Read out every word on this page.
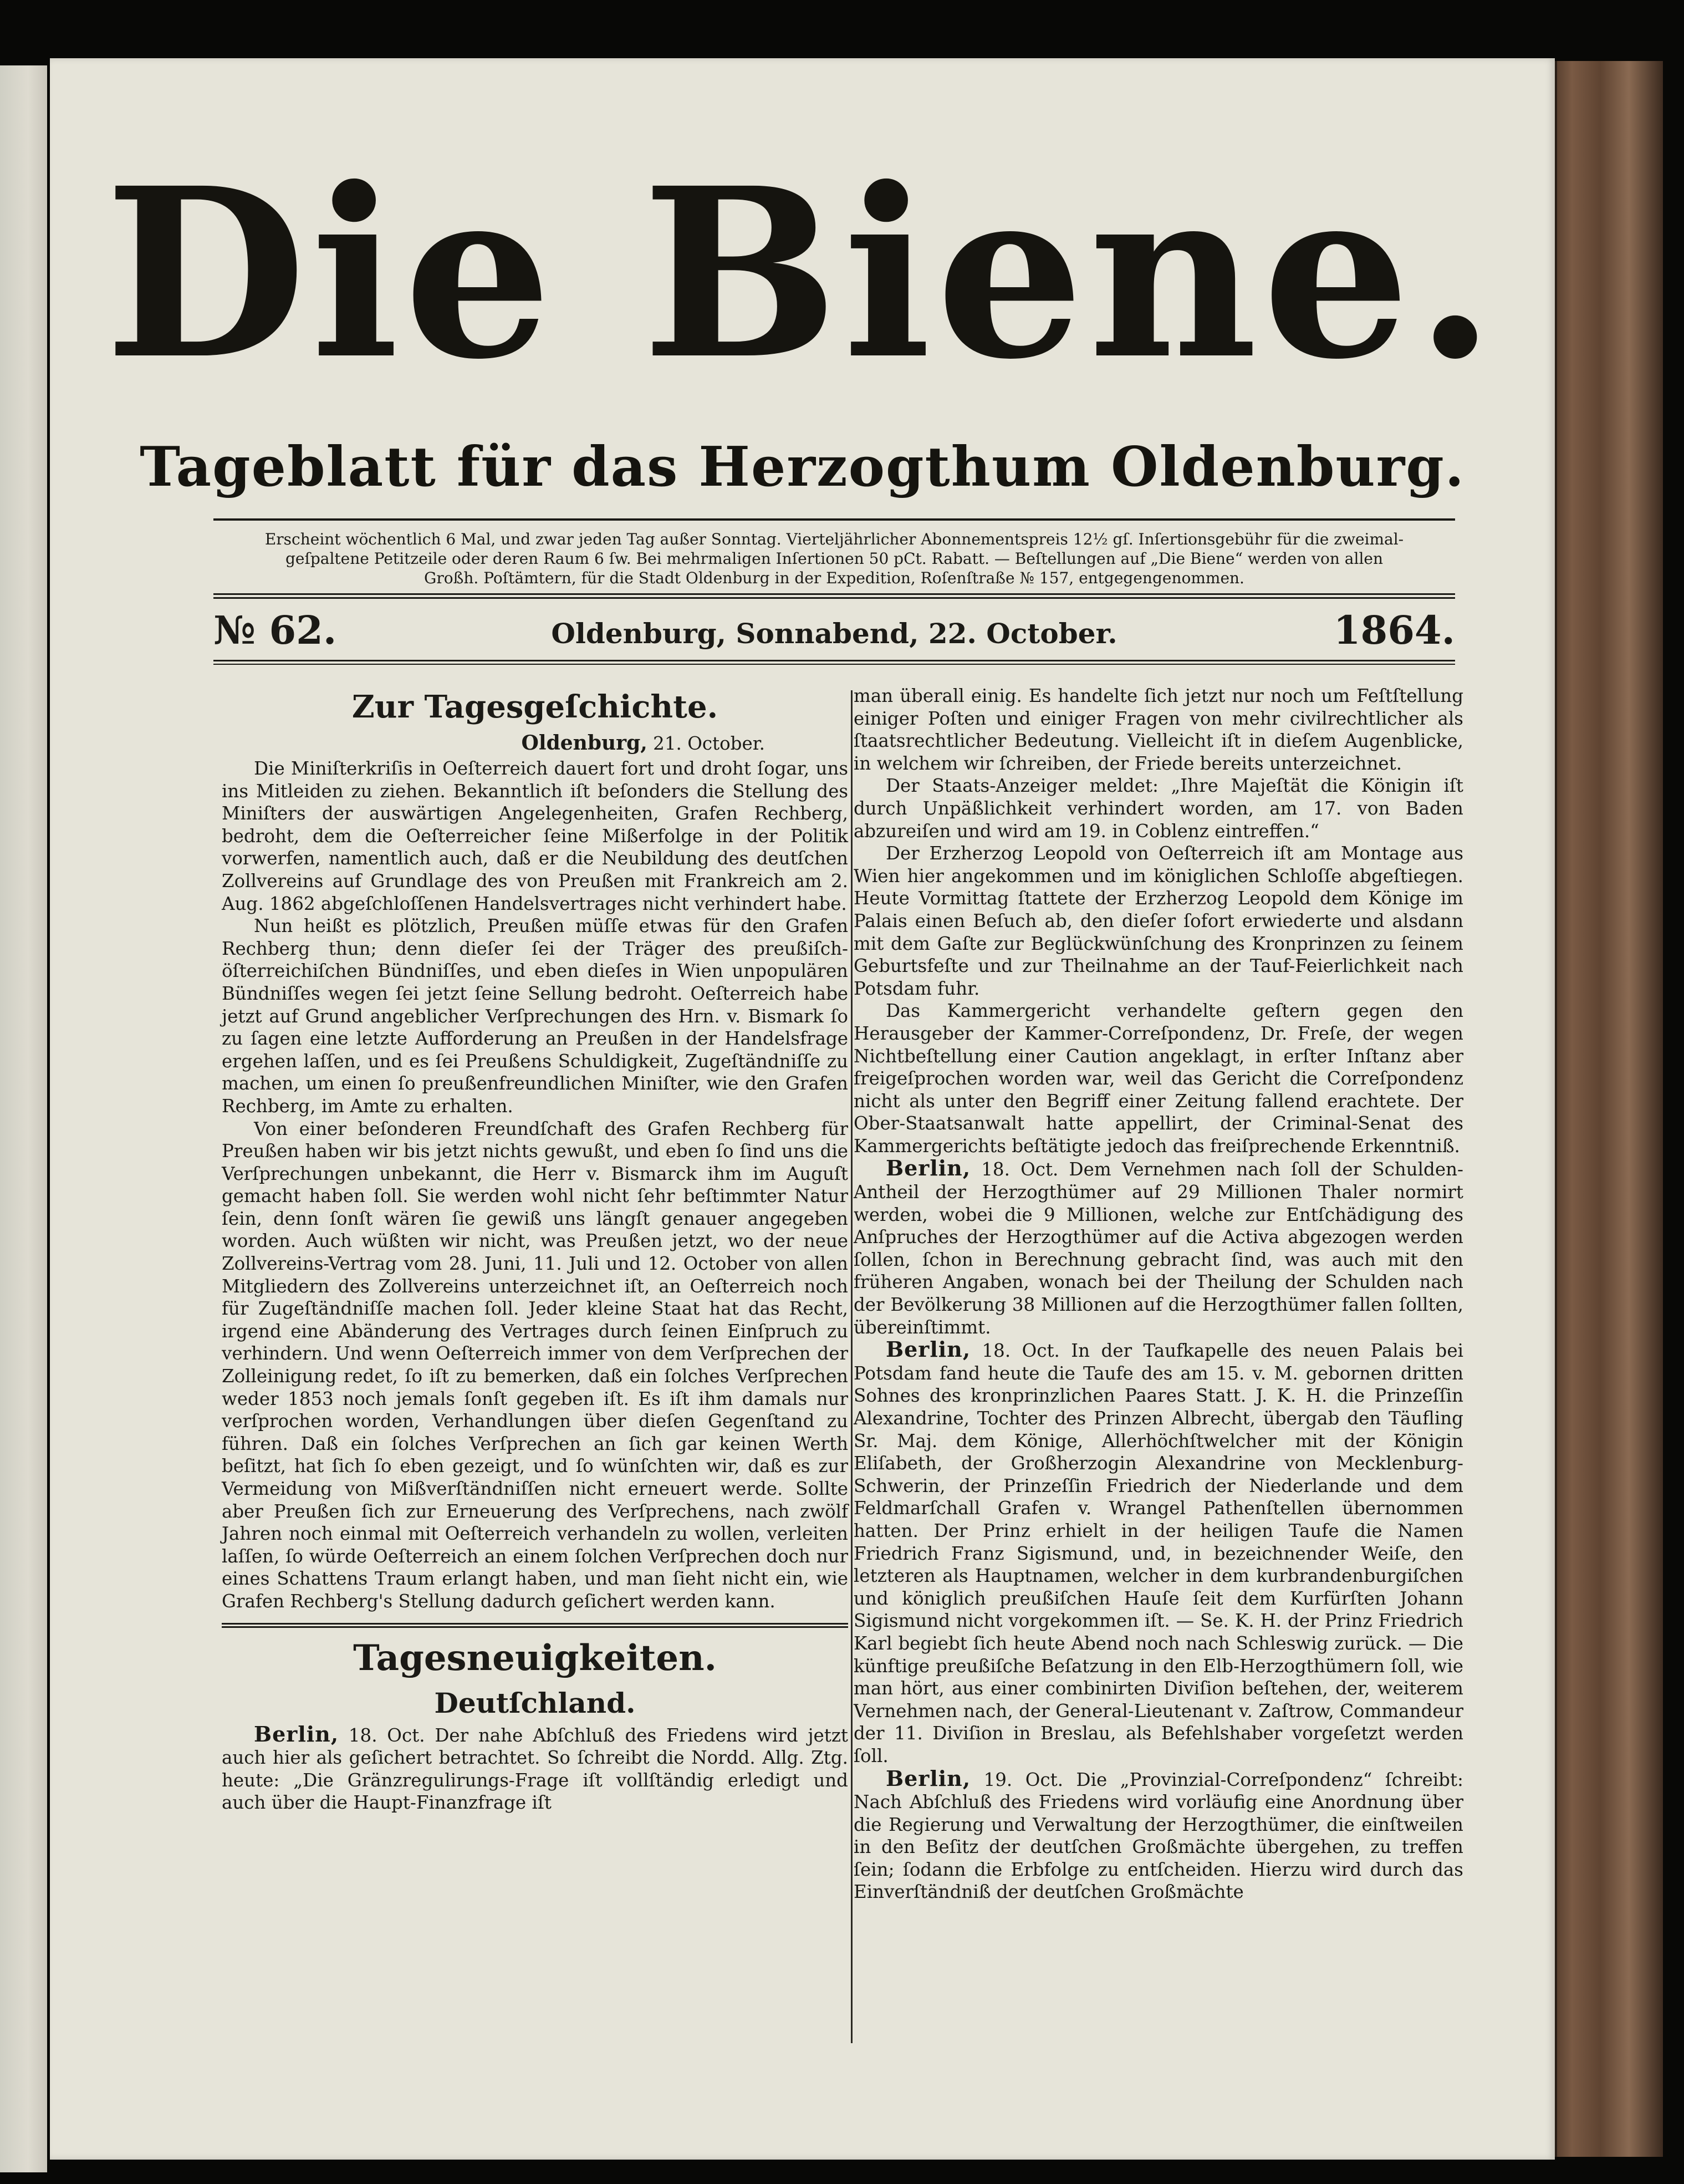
Die Biene.
Tageblatt für das Herzogthum Oldenburg.
Erscheint wöchentlich 6 Mal, und zwar jeden Tag außer Sonntag. Vierteljährlicher Abonnementspreis 12½ gſ. Inſertionsgebühr für die zweimal-
geſpaltene Petitzeile oder deren Raum 6 ſw. Bei mehrmaligen Inſertionen 50 pCt. Rabatt. — Beſtellungen auf „Die Biene“ werden von allen
Großh. Poſtämtern, für die Stadt Oldenburg in der Expedition, Roſenſtraße № 157, entgegengenommen.
№ 62.	Oldenburg, Sonnabend, 22. October.	1864.
Zur Tagesgeſchichte.
Oldenburg, 21. October.

Die Miniſterkriſis in Oeſterreich dauert fort und droht ſogar, uns ins Mitleiden zu ziehen. Bekanntlich iſt beſonders die Stellung des Miniſters der auswärtigen Angelegenheiten, Grafen Rechberg, bedroht, dem die Oeſterreicher ſeine Mißerfolge in der Politik vorwerfen, namentlich auch, daß er die Neubildung des deutſchen Zollvereins auf Grundlage des von Preußen mit Frankreich am 2. Aug. 1862 abgeſchloſſenen Handelsvertrages nicht verhindert habe.

Nun heißt es plötzlich, Preußen müſſe etwas für den Grafen Rechberg thun; denn dieſer ſei der Träger des preußiſch-öſterreichiſchen Bündniſſes, und eben dieſes in Wien unpopulären Bündniſſes wegen ſei jetzt ſeine Sellung bedroht. Oeſterreich habe jetzt auf Grund angeblicher Verſprechungen des Hrn. v. Bismark ſo zu ſagen eine letzte Aufforderung an Preußen in der Handelsfrage ergehen laſſen, und es ſei Preußens Schuldigkeit, Zugeſtändniſſe zu machen, um einen ſo preußenfreundlichen Miniſter, wie den Grafen Rechberg, im Amte zu erhalten.

Von einer beſonderen Freundſchaft des Grafen Rechberg für Preußen haben wir bis jetzt nichts gewußt, und eben ſo ſind uns die Verſprechungen unbekannt, die Herr v. Bismarck ihm im Auguſt gemacht haben ſoll. Sie werden wohl nicht ſehr beſtimmter Natur ſein, denn ſonſt wären ſie gewiß uns längſt genauer angegeben worden. Auch wüßten wir nicht, was Preußen jetzt, wo der neue Zollvereins-Vertrag vom 28. Juni, 11. Juli und 12. October von allen Mitgliedern des Zollvereins unterzeichnet iſt, an Oeſterreich noch für Zugeſtändniſſe machen ſoll. Jeder kleine Staat hat das Recht, irgend eine Abänderung des Vertrages durch ſeinen Einſpruch zu verhindern. Und wenn Oeſterreich immer von dem Verſprechen der Zolleinigung redet, ſo iſt zu bemerken, daß ein ſolches Verſprechen weder 1853 noch jemals ſonſt gegeben iſt. Es iſt ihm damals nur verſprochen worden, Verhandlungen über dieſen Gegenſtand zu führen. Daß ein ſolches Verſprechen an ſich gar keinen Werth beſitzt, hat ſich ſo eben gezeigt, und ſo wünſchten wir, daß es zur Vermeidung von Mißverſtändniſſen nicht erneuert werde. Sollte aber Preußen ſich zur Erneuerung des Verſprechens, nach zwölf Jahren noch einmal mit Oeſterreich verhandeln zu wollen, verleiten laſſen, ſo würde Oeſterreich an einem ſolchen Verſprechen doch nur eines Schattens Traum erlangt haben, und man ſieht nicht ein, wie Grafen Rechberg's Stellung dadurch geſichert werden kann.

Tagesneuigkeiten.
Deutſchland.

Berlin, 18. Oct. Der nahe Abſchluß des Friedens wird jetzt auch hier als geſichert betrachtet. So ſchreibt die Nordd. Allg. Ztg. heute: „Die Gränzregulirungs-Frage iſt vollſtändig erledigt und auch über die Haupt-Finanzfrage iſt

man überall einig. Es handelte ſich jetzt nur noch um Feſtſtellung einiger Poſten und einiger Fragen von mehr civilrechtlicher als ſtaatsrechtlicher Bedeutung. Vielleicht iſt in dieſem Augenblicke, in welchem wir ſchreiben, der Friede bereits unterzeichnet.

Der Staats-Anzeiger meldet: „Ihre Majeſtät die Königin iſt durch Unpäßlichkeit verhindert worden, am 17. von Baden abzureiſen und wird am 19. in Coblenz eintreffen.“

Der Erzherzog Leopold von Oeſterreich iſt am Montage aus Wien hier angekommen und im königlichen Schloſſe abgeſtiegen. Heute Vormittag ſtattete der Erzherzog Leopold dem Könige im Palais einen Beſuch ab, den dieſer ſofort erwiederte und alsdann mit dem Gaſte zur Beglückwünſchung des Kronprinzen zu ſeinem Geburtsfeſte und zur Theilnahme an der Tauf-Feierlichkeit nach Potsdam fuhr.

Das Kammergericht verhandelte geſtern gegen den Herausgeber der Kammer-Correſpondenz, Dr. Freſe, der wegen Nichtbeſtellung einer Caution angeklagt, in erſter Inſtanz aber freigeſprochen worden war, weil das Gericht die Correſpondenz nicht als unter den Begriff einer Zeitung fallend erachtete. Der Ober-Staatsanwalt hatte appellirt, der Criminal-Senat des Kammergerichts beſtätigte jedoch das freiſprechende Erkenntniß.

Berlin, 18. Oct. Dem Vernehmen nach ſoll der Schulden-Antheil der Herzogthümer auf 29 Millionen Thaler normirt werden, wobei die 9 Millionen, welche zur Entſchädigung des Anſpruches der Herzogthümer auf die Activa abgezogen werden ſollen, ſchon in Berechnung gebracht ſind, was auch mit den früheren Angaben, wonach bei der Theilung der Schulden nach der Bevölkerung 38 Millionen auf die Herzogthümer fallen ſollten, übereinſtimmt.

Berlin, 18. Oct. In der Taufkapelle des neuen Palais bei Potsdam fand heute die Taufe des am 15. v. M. gebornen dritten Sohnes des kronprinzlichen Paares Statt. J. K. H. die Prinzeſſin Alexandrine, Tochter des Prinzen Albrecht, übergab den Täufling Sr. Maj. dem Könige, Allerhöchſtwelcher mit der Königin Eliſabeth, der Großherzogin Alexandrine von Mecklenburg-Schwerin, der Prinzeſſin Friedrich der Niederlande und dem Feldmarſchall Grafen v. Wrangel Pathenſtellen übernommen hatten. Der Prinz erhielt in der heiligen Taufe die Namen Friedrich Franz Sigismund, und, in bezeichnender Weiſe, den letzteren als Hauptnamen, welcher in dem kurbrandenburgiſchen und königlich preußiſchen Hauſe ſeit dem Kurfürſten Johann Sigismund nicht vorgekommen iſt. — Se. K. H. der Prinz Friedrich Karl begiebt ſich heute Abend noch nach Schleswig zurück. — Die künftige preußiſche Beſatzung in den Elb-Herzogthümern ſoll, wie man hört, aus einer combinirten Diviſion beſtehen, der, weiterem Vernehmen nach, der General-Lieutenant v. Zaſtrow, Commandeur der 11. Diviſion in Breslau, als Befehlshaber vorgeſetzt werden ſoll.

Berlin, 19. Oct. Die „Provinzial-Correſpondenz“ ſchreibt: Nach Abſchluß des Friedens wird vorläufig eine Anordnung über die Regierung und Verwaltung der Herzogthümer, die einſtweilen in den Beſitz der deutſchen Großmächte übergehen, zu treffen ſein; ſodann die Erbfolge zu entſcheiden. Hierzu wird durch das Einverſtändniß der deutſchen Großmächte
